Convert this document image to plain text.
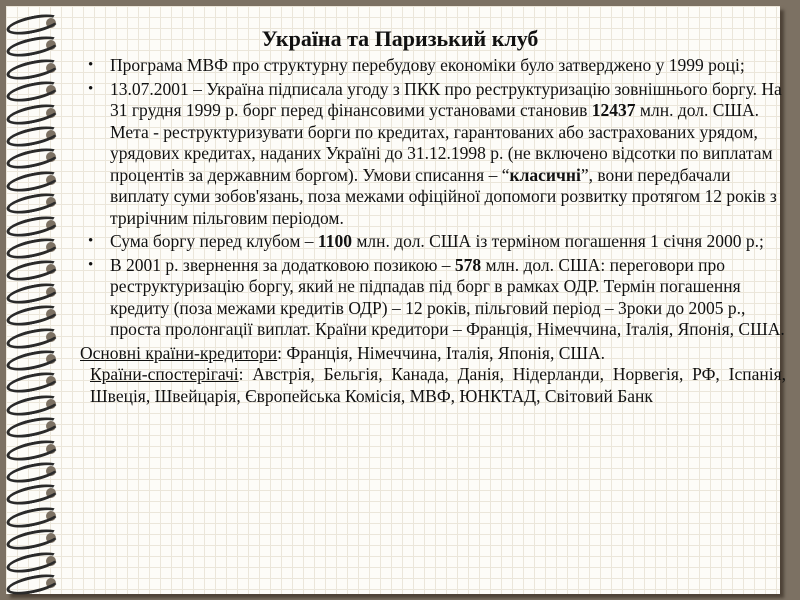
Україна та Паризький клуб
• Програма МВФ про структурну перебудову економіки було затверджено у 1999 році;
• 13.07.2001 – Україна підписала угоду з ПКК про реструктуризацію зовнішнього боргу. На 31 грудня 1999 р. борг перед фінансовими установами становив 12437 млн. дол. США. Мета - реструктуризувати борги по кредитах, гарантованих або застрахованих урядом, урядових кредитах, наданих Україні до 31.12.1998 р. (не включено відсотки по виплатам процентів за державним боргом). Умови списання – “класичні”, вони передбачали виплату суми зобов'язань, поза межами офіційної допомоги розвитку протягом 12 років з трирічним пільговим періодом.
• Сума боргу перед клубом – 1100 млн. дол. США із терміном погашення 1 січня 2000 р.;
• В 2001 р. звернення за додатковою позикою – 578 млн. дол. США: переговори про реструктуризацію боргу, який не підпадав під борг в рамках ОДР. Термін погашення кредиту (поза межами кредитів ОДР) – 12 років, пільговий період – 3роки до 2005 р., проста пролонгації виплат. Країни кредитори – Франція, Німеччина, Італія, Японія, США.

Основні країни-кредитори: Франція, Німеччина, Італія, Японія, США.

Країни-спостерігачі: Австрія, Бельгія, Канада, Данія, Нідерланди, Норвегія, РФ, Іспанія, Швеція, Швейцарія, Європейська Комісія, МВФ, ЮНКТАД, Світовий Банк
